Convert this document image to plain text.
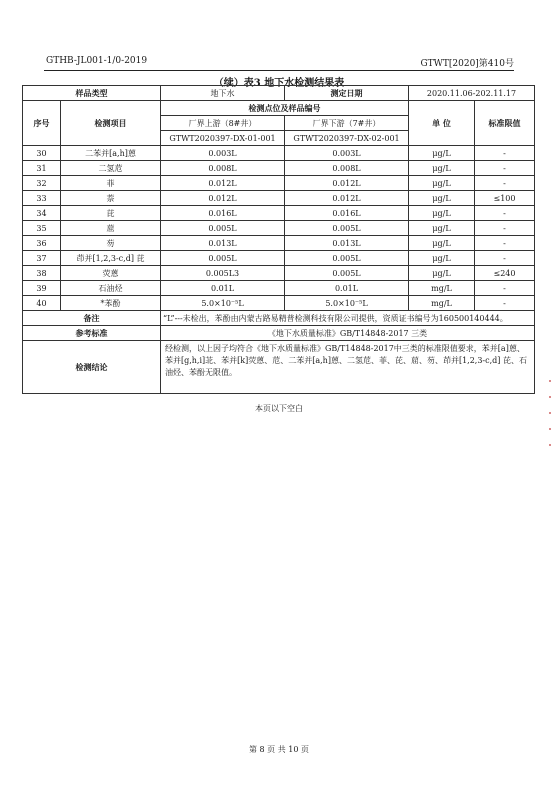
GTHB-JL001-1/0-2019	GTWT[2020]第410号
（续）表3 地下水检测结果表
样品类型		地下水	测定日期	2020.11.06-202.11.17	
序号	检测项目	检测点位及样品编号		单 位	标准限值
		厂界上游（8#井）	厂界下游（7#井）		
		GTWT2020397-DX-01-001	GTWT2020397-DX-02-001		
30	二苯并[a,h]蒽	0.003L	0.003L	μg/L	-
31	二氢苊	0.008L	0.008L	μg/L	-
32	菲	0.012L	0.012L	μg/L	-
33	萘	0.012L	0.012L	μg/L	≤100
34	芘	0.016L	0.016L	μg/L	-
35	䓛	0.005L	0.005L	μg/L	-
36	芴	0.013L	0.013L	μg/L	-
37	茚并[1,2,3-c,d] 芘	0.005L	0.005L	μg/L	-
38	荧蒽	0.005L3	0.005L	μg/L	≤240
39	石油烃	0.01L	0.01L	mg/L	-
40	*苯酚	5.0×10⁻⁵L	5.0×10⁻⁵L	mg/L	-
备注		“L”---未检出，苯酚由内蒙古路易精普检测科技有限公司提供，资质证书编号为160500140444。			
参考标准		《地下水质量标准》GB/T14848-2017 三类			
检测结论		经检测，以上因子均符合《地下水质量标准》GB/T14848-2017中三类的标准限值要求，苯并[a]蒽、苯并[g,h,i]苝、苯并[k]荧蒽、苊、二苯并[a,h]蒽、二氢苊、菲、芘、䓛、芴、茚并[1,2,3-c,d] 芘、石油烃、苯酚无限值。			
本页以下空白
第 8 页 共 10 页
